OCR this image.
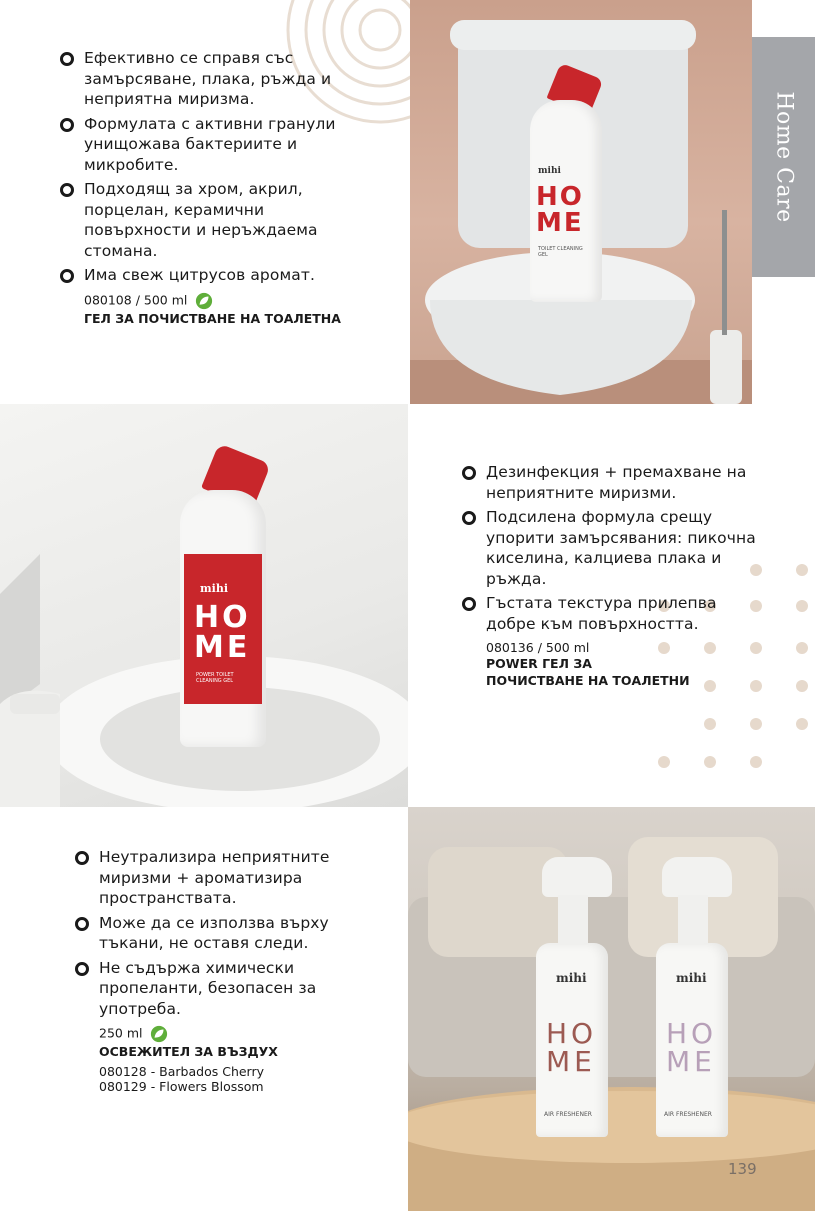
Ефективно се справя със замърсяване, плака, ръжда и неприятна миризма.
Формулата с активни гранули унищожава бактериите и микробите.
Подходящ за хром, акрил, порцелан, керамични повърхности и неръждаема стомана.
Има свеж цитрусов аромат.
080108 / 500 ml
ГЕЛ ЗА ПОЧИСТВАНЕ НА ТОАЛЕТНА
mihi
HO
ME
TOILET CLEANING GEL
Home Care
mihi
HO
ME
POWER TOILET CLEANING GEL
Дезинфекция + премахване на неприятните миризми.
Подсилена формула срещу упорити замърсявания: пикочна киселина, калциева плака и ръжда.
Гъстата текстура прилепва добре към повърхността.
080136 / 500 ml
POWER ГЕЛ ЗА
ПОЧИСТВАНЕ НА ТОАЛЕТНИ
Неутрализира неприятните миризми + ароматизира пространствата.
Може да се използва върху тъкани, не оставя следи.
Не съдържа химически пропеланти, безопасен за употреба.
250 ml
ОСВЕЖИТЕЛ ЗА ВЪЗДУХ
080128 - Barbados Cherry
080129 - Flowers Blossom
mihi
HO
ME
AIR FRESHENER
mihi
HO
ME
AIR FRESHENER
139
